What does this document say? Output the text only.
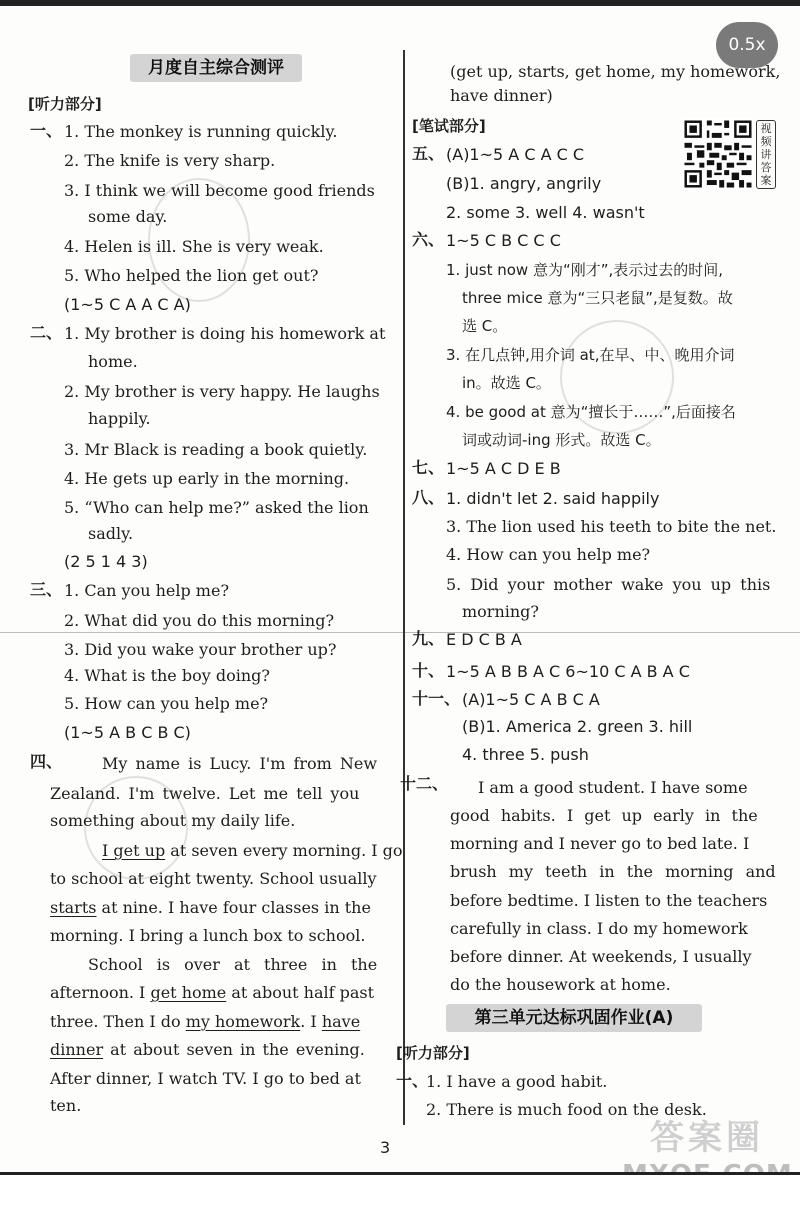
0.5x
月度自主综合测评
[听力部分]
一、 1. The monkey is running quickly.
2. The knife is very sharp.
3. I think we will become good friends
some day.
4. Helen is ill. She is very weak.
5. Who helped the lion get out?
(1~5 C A A C A)
二、 1. My brother is doing his homework at
home.
2. My brother is very happy. He laughs
happily.
3. Mr Black is reading a book quietly.
4. He gets up early in the morning.
5. “Who can help me?” asked the lion
sadly.
(2 5 1 4 3)
三、 1. Can you help me?
2. What did you do this morning?
3. Did you wake your brother up?
4. What is the boy doing?
5. How can you help me?
(1~5 A B C B C)
四、 My name is Lucy. I'm from New
Zealand. I'm twelve. Let me tell you
something about my daily life.
I get up at seven every morning. I go
to school at eight twenty. School usually
starts at nine. I have four classes in the
morning. I bring a lunch box to school.
School is over at three in the
afternoon. I get home at about half past
three. Then I do my homework. I have
dinner at about seven in the evening.
After dinner, I watch TV. I go to bed at
ten.
(get up, starts, get home, my homework,
have dinner)
[笔试部分]	视频讲答案
五、 (A)1~5 A C A C C
(B)1. angry, angrily
2. some 3. well 4. wasn't
六、 1~5 C B C C C
1. just now 意为“刚才”,表示过去的时间,
three mice 意为“三只老鼠”,是复数。故
选 C。
3. 在几点钟,用介词 at,在早、中、晚用介词
in。故选 C。
4. be good at 意为“擅长于……”,后面接名
词或动词-ing 形式。故选 C。
七、 1~5 A C D E B
八、 1. didn't let 2. said happily
3. The lion used his teeth to bite the net.
4. How can you help me?
5. Did your mother wake you up this
morning?
九、 E D C B A
十、 1~5 A B B A C 6~10 C A B A C
十一、 (A)1~5 C A B C A
(B)1. America 2. green 3. hill
4. three 5. push
十二、 I am a good student. I have some
good habits. I get up early in the
morning and I never go to bed late. I
brush my teeth in the morning and
before bedtime. I listen to the teachers
carefully in class. I do my homework
before dinner. At weekends, I usually
do the housework at home.
第三单元达标巩固作业(A)
[听力部分]
一、
1. I have a good habit.
2. There is much food on the desk.
3	答案圈
